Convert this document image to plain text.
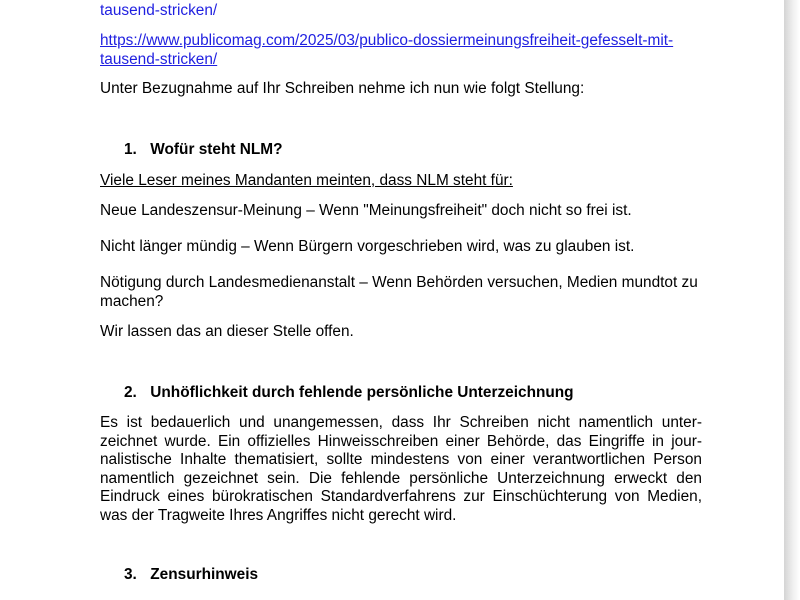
tausend-stricken/
https://www.publicomag.com/2025/03/publico-dossiermeinungsfreiheit-gefesselt-mit-tausend-stricken/

Unter Bezugnahme auf Ihr Schreiben nehme ich nun wie folgt Stellung:

1. Wofür steht NLM?

Viele Leser meines Mandanten meinten, dass NLM steht für:

Neue Landeszensur-Meinung – Wenn "Meinungsfreiheit" doch nicht so frei ist.

Nicht länger mündig – Wenn Bürgern vorgeschrieben wird, was zu glauben ist.

Nötigung durch Landesmedienanstalt – Wenn Behörden versuchen, Medien mundtot zu machen?

Wir lassen das an dieser Stelle offen.

2. Unhöflichkeit durch fehlende persönliche Unterzeichnung

Es ist bedauerlich und unangemessen, dass Ihr Schreiben nicht namentlich unterzeichnet wurde. Ein offizielles Hinweisschreiben einer Behörde, das Eingriffe in journalistische Inhalte thematisiert, sollte mindestens von einer verantwortlichen Person namentlich gezeichnet sein. Die fehlende persönliche Unterzeichnung erweckt den Eindruck eines bürokratischen Standardverfahrens zur Einschüchterung von Medien, was der Tragweite Ihres Angriffes nicht gerecht wird.

3. Zensurhinweis
